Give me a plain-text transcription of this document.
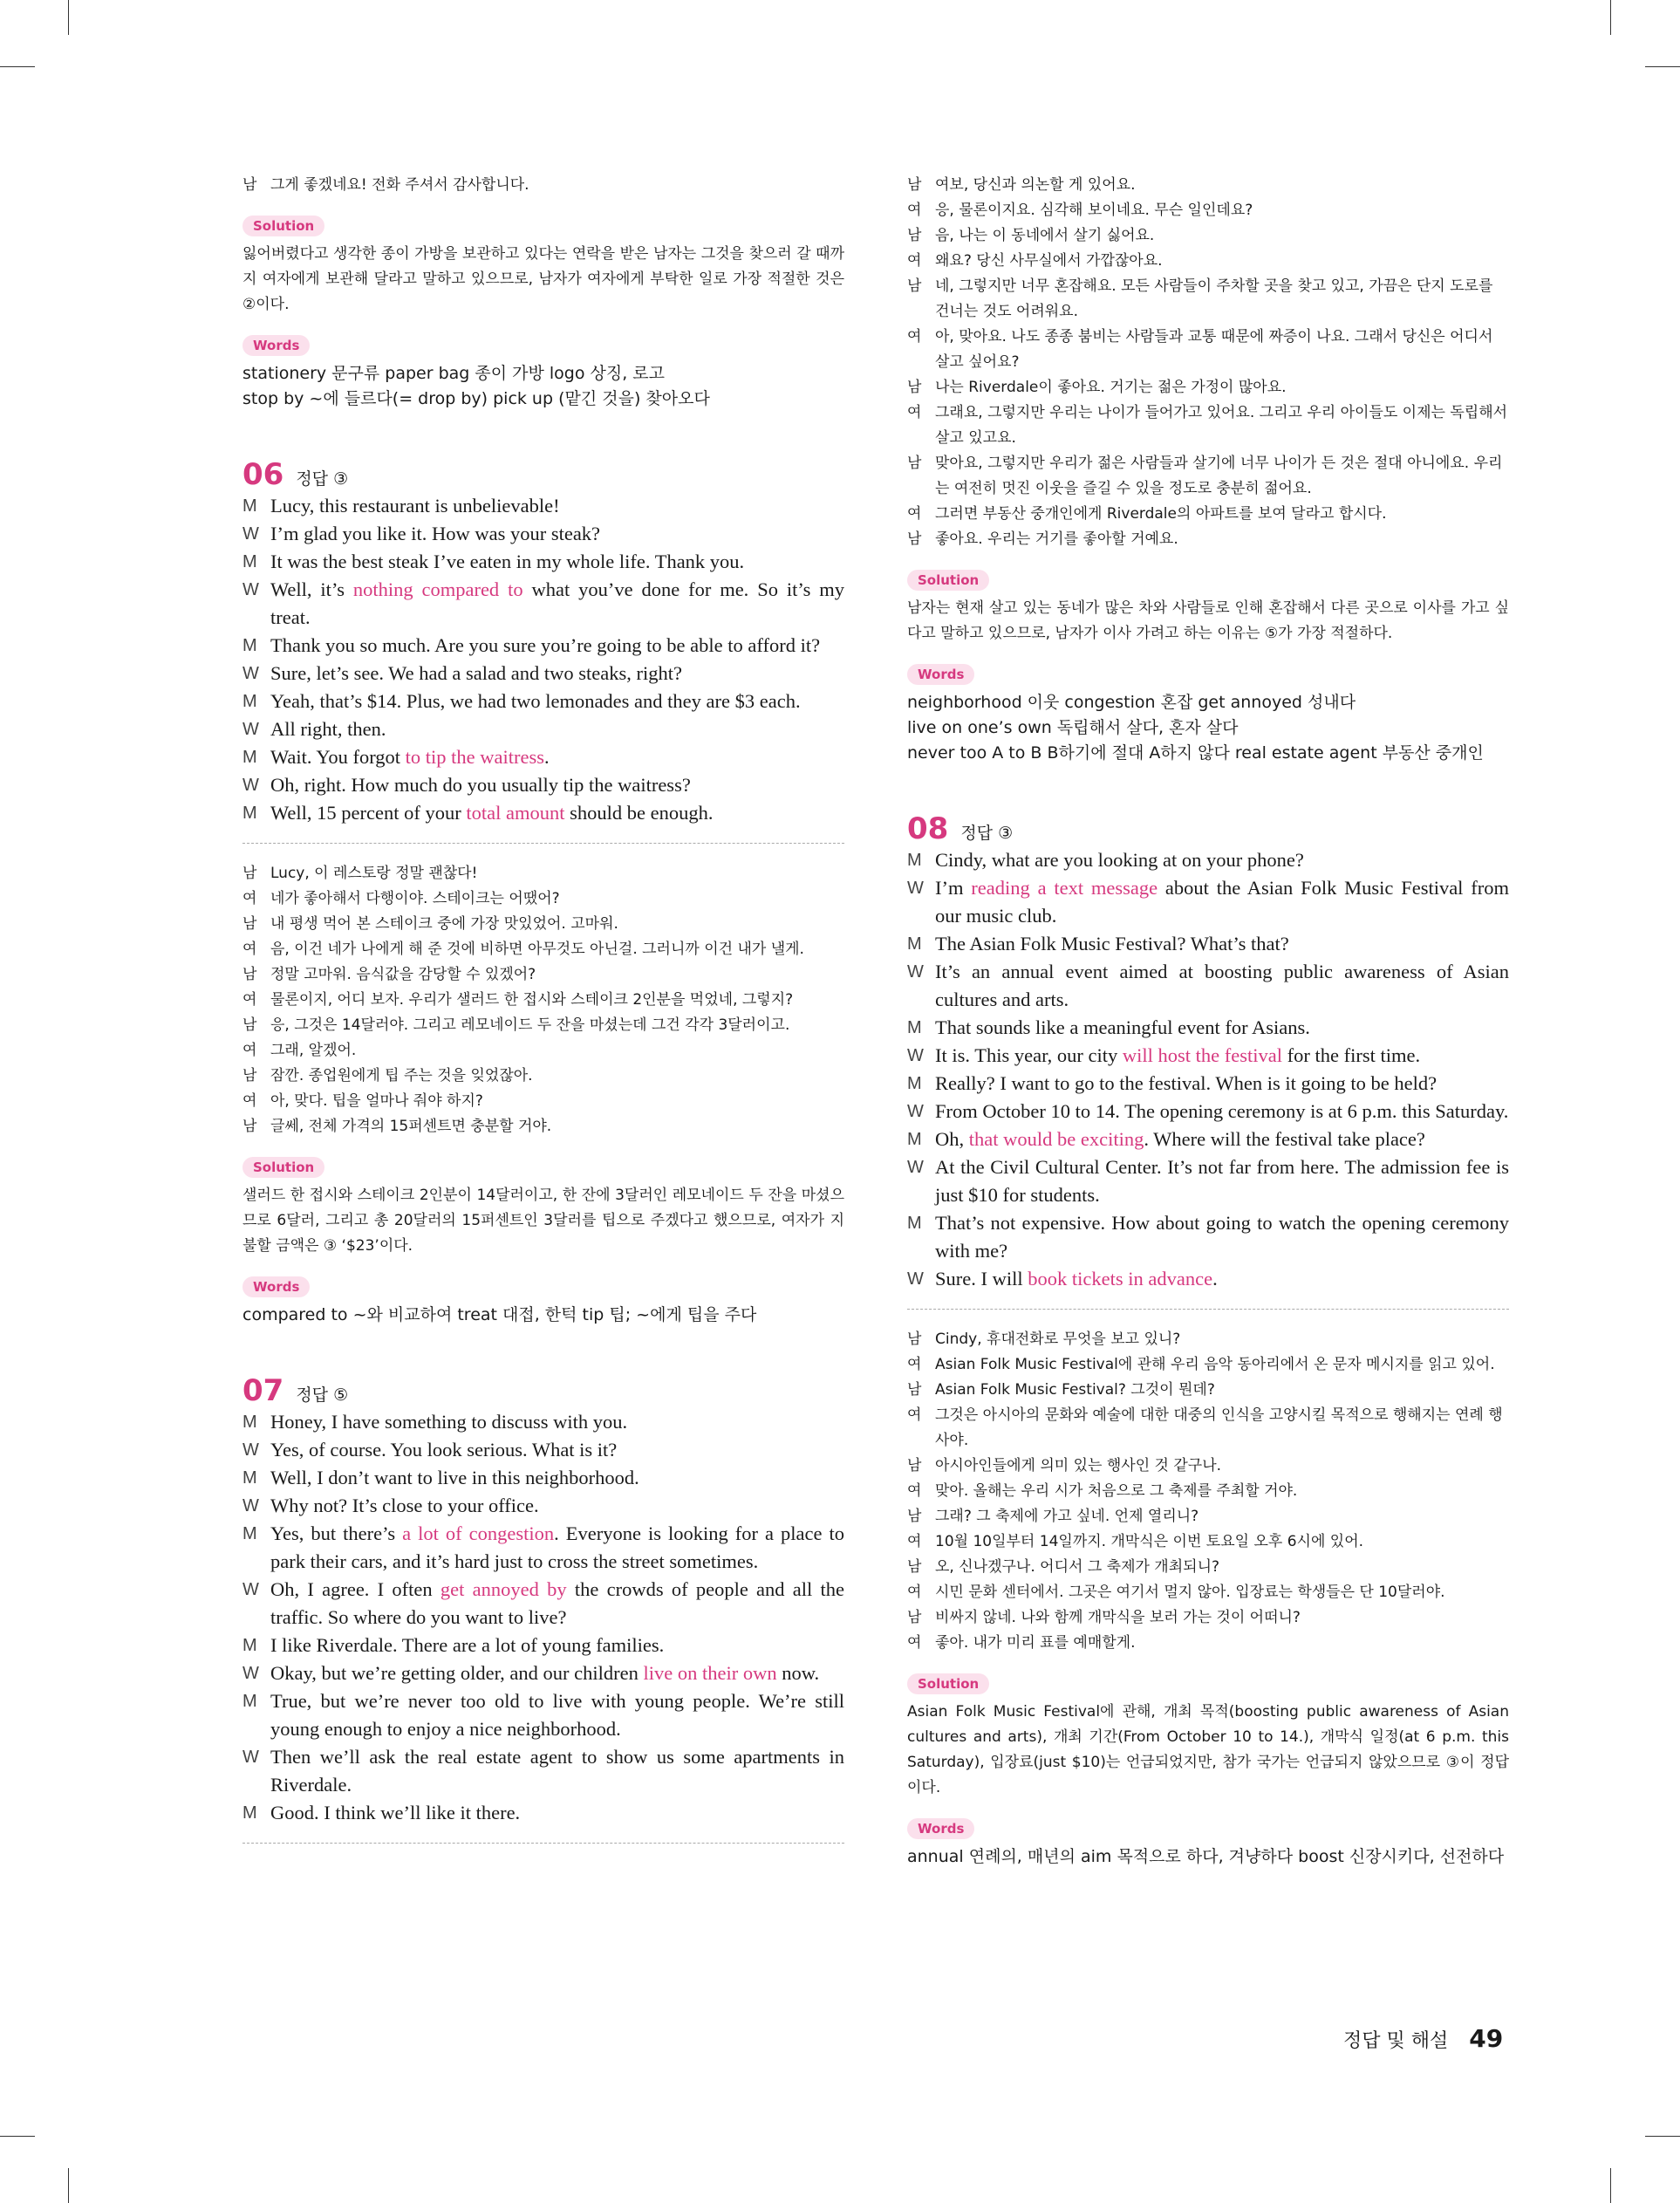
남 그게 좋겠네요! 전화 주셔서 감사합니다.
Solution
잃어버렸다고 생각한 종이 가방을 보관하고 있다는 연락을 받은 남자는 그것을 찾으러 갈 때까지 여자에게 보관해 달라고 말하고 있으므로, 남자가 여자에게 부탁한 일로 가장 적절한 것은 ②이다.
Words
stationery 문구류 paper bag 종이 가방 logo 상징, 로고
stop by ~에 들르다(= drop by) pick up (맡긴 것을) 찾아오다
06 정답 ③
M Lucy, this restaurant is unbelievable!
W I’m glad you like it. How was your steak?
M It was the best steak I’ve eaten in my whole life. Thank you.
W Well, it’s nothing compared to what you’ve done for me. So it’s my treat.
M Thank you so much. Are you sure you’re going to be able to afford it?
W Sure, let’s see. We had a salad and two steaks, right?
M Yeah, that’s $14. Plus, we had two lemonades and they are $3 each.
W All right, then.
M Wait. You forgot to tip the waitress.
W Oh, right. How much do you usually tip the waitress?
M Well, 15 percent of your total amount should be enough.
남 Lucy, 이 레스토랑 정말 괜찮다!
여 네가 좋아해서 다행이야. 스테이크는 어땠어?
남 내 평생 먹어 본 스테이크 중에 가장 맛있었어. 고마워.
여 음, 이건 네가 나에게 해 준 것에 비하면 아무것도 아닌걸. 그러니까 이건 내가 낼게.
남 정말 고마워. 음식값을 감당할 수 있겠어?
여 물론이지, 어디 보자. 우리가 샐러드 한 접시와 스테이크 2인분을 먹었네, 그렇지?
남 응, 그것은 14달러야. 그리고 레모네이드 두 잔을 마셨는데 그건 각각 3달러이고.
여 그래, 알겠어.
남 잠깐. 종업원에게 팁 주는 것을 잊었잖아.
여 아, 맞다. 팁을 얼마나 줘야 하지?
남 글쎄, 전체 가격의 15퍼센트면 충분할 거야.
Solution
샐러드 한 접시와 스테이크 2인분이 14달러이고, 한 잔에 3달러인 레모네이드 두 잔을 마셨으므로 6달러, 그리고 총 20달러의 15퍼센트인 3달러를 팁으로 주겠다고 했으므로, 여자가 지불할 금액은 ③ ‘$23’이다.
Words
compared to ~와 비교하여 treat 대접, 한턱 tip 팁; ~에게 팁을 주다
07 정답 ⑤
M Honey, I have something to discuss with you.
W Yes, of course. You look serious. What is it?
M Well, I don’t want to live in this neighborhood.
W Why not? It’s close to your office.
M Yes, but there’s a lot of congestion. Everyone is looking for a place to park their cars, and it’s hard just to cross the street sometimes.
W Oh, I agree. I often get annoyed by the crowds of people and all the traffic. So where do you want to live?
M I like Riverdale. There are a lot of young families.
W Okay, but we’re getting older, and our children live on their own now.
M True, but we’re never too old to live with young people. We’re still young enough to enjoy a nice neighborhood.
W Then we’ll ask the real estate agent to show us some apartments in Riverdale.
M Good. I think we’ll like it there.
남 여보, 당신과 의논할 게 있어요.
여 응, 물론이지요. 심각해 보이네요. 무슨 일인데요?
남 음, 나는 이 동네에서 살기 싫어요.
여 왜요? 당신 사무실에서 가깝잖아요.
남 네, 그렇지만 너무 혼잡해요. 모든 사람들이 주차할 곳을 찾고 있고, 가끔은 단지 도로를 건너는 것도 어려워요.
여 아, 맞아요. 나도 종종 붐비는 사람들과 교통 때문에 짜증이 나요. 그래서 당신은 어디서 살고 싶어요?
남 나는 Riverdale이 좋아요. 거기는 젊은 가정이 많아요.
여 그래요, 그렇지만 우리는 나이가 들어가고 있어요. 그리고 우리 아이들도 이제는 독립해서 살고 있고요.
남 맞아요, 그렇지만 우리가 젊은 사람들과 살기에 너무 나이가 든 것은 절대 아니에요. 우리는 여전히 멋진 이웃을 즐길 수 있을 정도로 충분히 젊어요.
여 그러면 부동산 중개인에게 Riverdale의 아파트를 보여 달라고 합시다.
남 좋아요. 우리는 거기를 좋아할 거예요.
Solution
남자는 현재 살고 있는 동네가 많은 차와 사람들로 인해 혼잡해서 다른 곳으로 이사를 가고 싶다고 말하고 있으므로, 남자가 이사 가려고 하는 이유는 ⑤가 가장 적절하다.
Words
neighborhood 이웃 congestion 혼잡 get annoyed 성내다
live on one’s own 독립해서 살다, 혼자 살다
never too A to B B하기에 절대 A하지 않다 real estate agent 부동산 중개인
08 정답 ③
M Cindy, what are you looking at on your phone?
W I’m reading a text message about the Asian Folk Music Festival from our music club.
M The Asian Folk Music Festival? What’s that?
W It’s an annual event aimed at boosting public awareness of Asian cultures and arts.
M That sounds like a meaningful event for Asians.
W It is. This year, our city will host the festival for the first time.
M Really? I want to go to the festival. When is it going to be held?
W From October 10 to 14. The opening ceremony is at 6 p.m. this Saturday.
M Oh, that would be exciting. Where will the festival take place?
W At the Civil Cultural Center. It’s not far from here. The admission fee is just $10 for students.
M That’s not expensive. How about going to watch the opening ceremony with me?
W Sure. I will book tickets in advance.
남 Cindy, 휴대전화로 무엇을 보고 있니?
여 Asian Folk Music Festival에 관해 우리 음악 동아리에서 온 문자 메시지를 읽고 있어.
남 Asian Folk Music Festival? 그것이 뭔데?
여 그것은 아시아의 문화와 예술에 대한 대중의 인식을 고양시킬 목적으로 행해지는 연례 행사야.
남 아시아인들에게 의미 있는 행사인 것 같구나.
여 맞아. 올해는 우리 시가 처음으로 그 축제를 주최할 거야.
남 그래? 그 축제에 가고 싶네. 언제 열리니?
여 10월 10일부터 14일까지. 개막식은 이번 토요일 오후 6시에 있어.
남 오, 신나겠구나. 어디서 그 축제가 개최되니?
여 시민 문화 센터에서. 그곳은 여기서 멀지 않아. 입장료는 학생들은 단 10달러야.
남 비싸지 않네. 나와 함께 개막식을 보러 가는 것이 어떠니?
여 좋아. 내가 미리 표를 예매할게.
Solution
Asian Folk Music Festival에 관해, 개최 목적(boosting public awareness of Asian cultures and arts), 개최 기간(From October 10 to 14.), 개막식 일정(at 6 p.m. this Saturday), 입장료(just $10)는 언급되었지만, 참가 국가는 언급되지 않았으므로 ③이 정답이다.
Words
annual 연례의, 매년의 aim 목적으로 하다, 겨냥하다 boost 신장시키다, 선전하다
정답 및 해설 49
